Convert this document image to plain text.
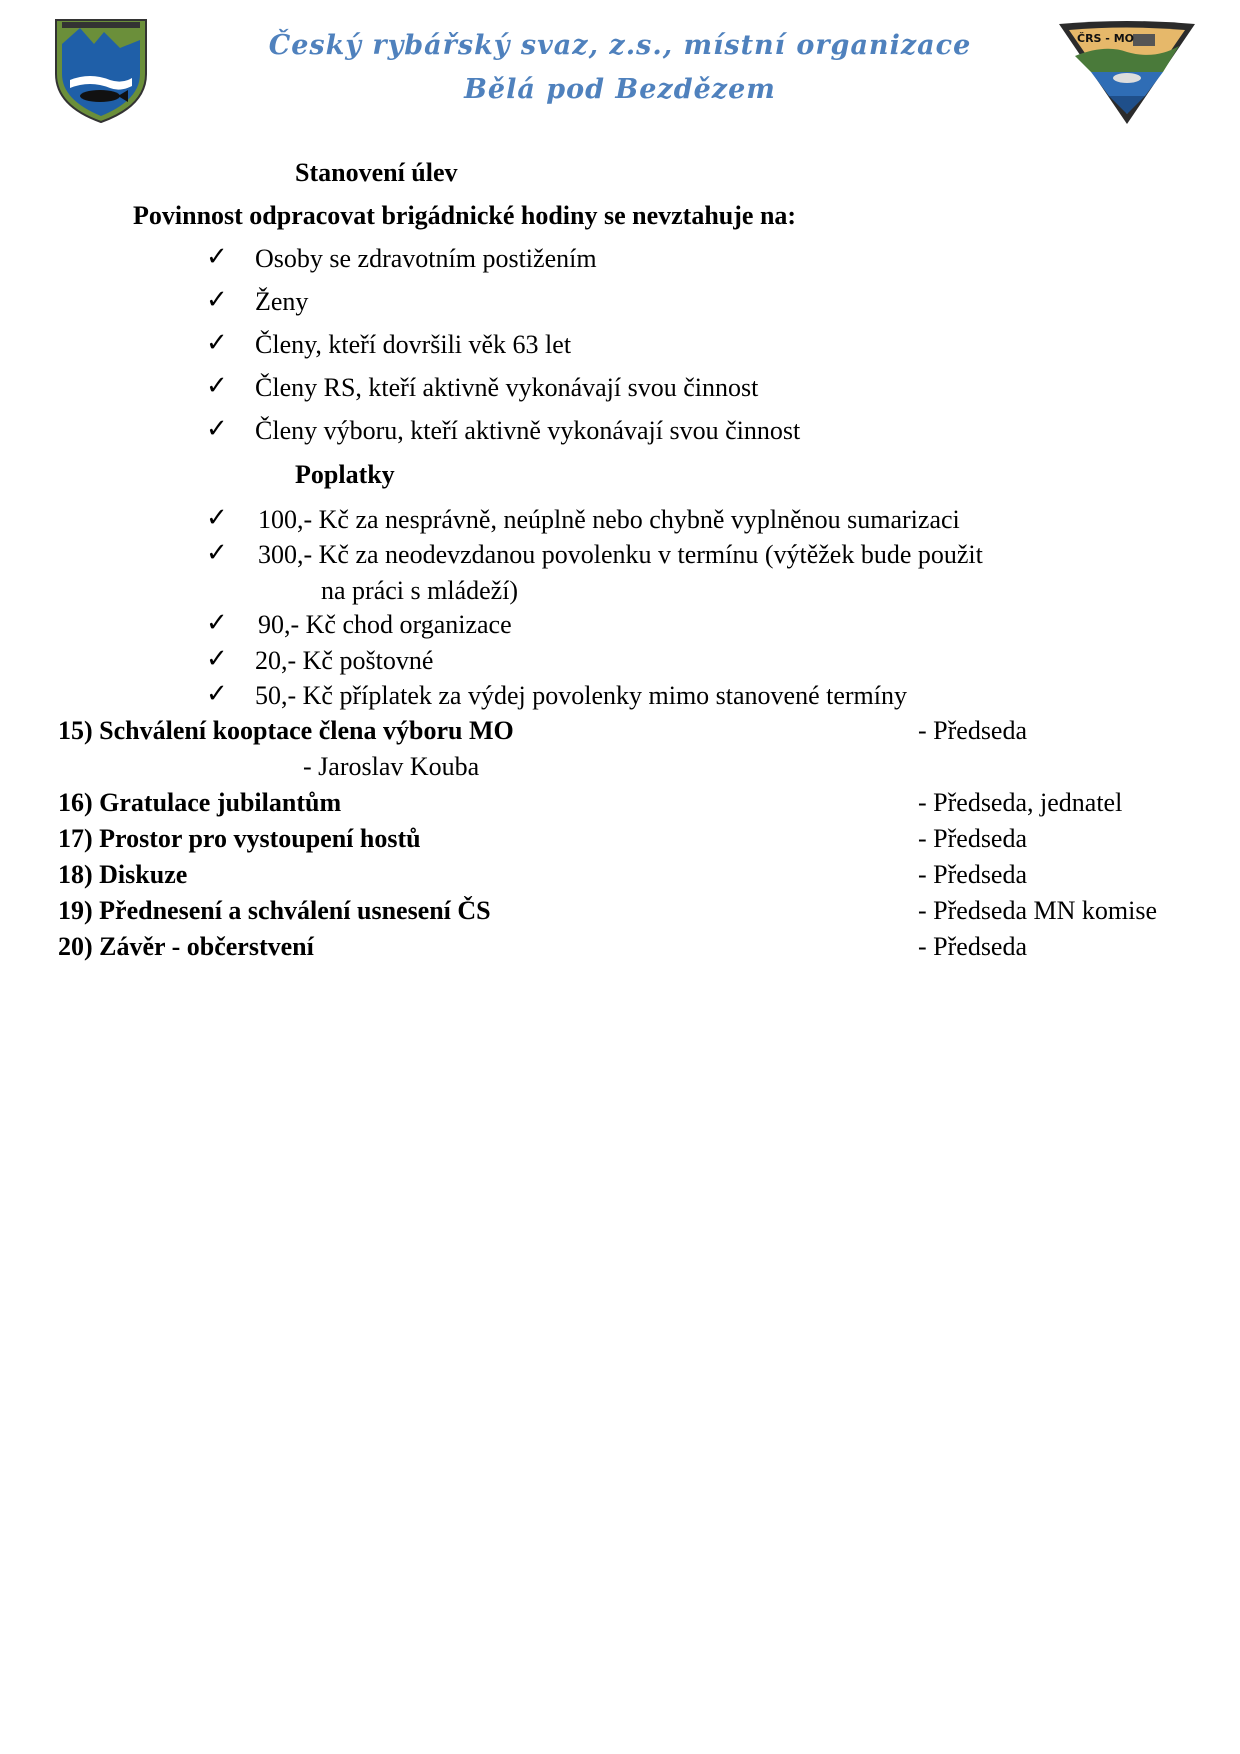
ČRS - MO
Český rybářský svaz, z.s., místní organizace
Bělá pod Bezdězem
Stanovení úlev
Povinnost odpracovat brigádnické hodiny se nevztahuje na:
✓ Osoby se zdravotním postižením
✓ Ženy
✓ Členy, kteří dovršili věk 63 let
✓ Členy RS, kteří aktivně vykonávají svou činnost
✓ Členy výboru, kteří aktivně vykonávají svou činnost
Poplatky
✓ 100,- Kč za nesprávně, neúplně nebo chybně vyplněnou sumarizaci
✓ 300,- Kč za neodevzdanou povolenku v termínu (výtěžek bude použit
na práci s mládeží)
✓ 90,- Kč chod organizace
✓ 20,- Kč poštovné
✓ 50,- Kč příplatek za výdej povolenky mimo stanovené termíny
15) Schválení kooptace člena výboru MO	- Předseda
- Jaroslav Kouba
16) Gratulace jubilantům	- Předseda, jednatel
17) Prostor pro vystoupení hostů	- Předseda
18) Diskuze	- Předseda
19) Přednesení a schválení usnesení ČS	- Předseda MN komise
20) Závěr - občerstvení	- Předseda
